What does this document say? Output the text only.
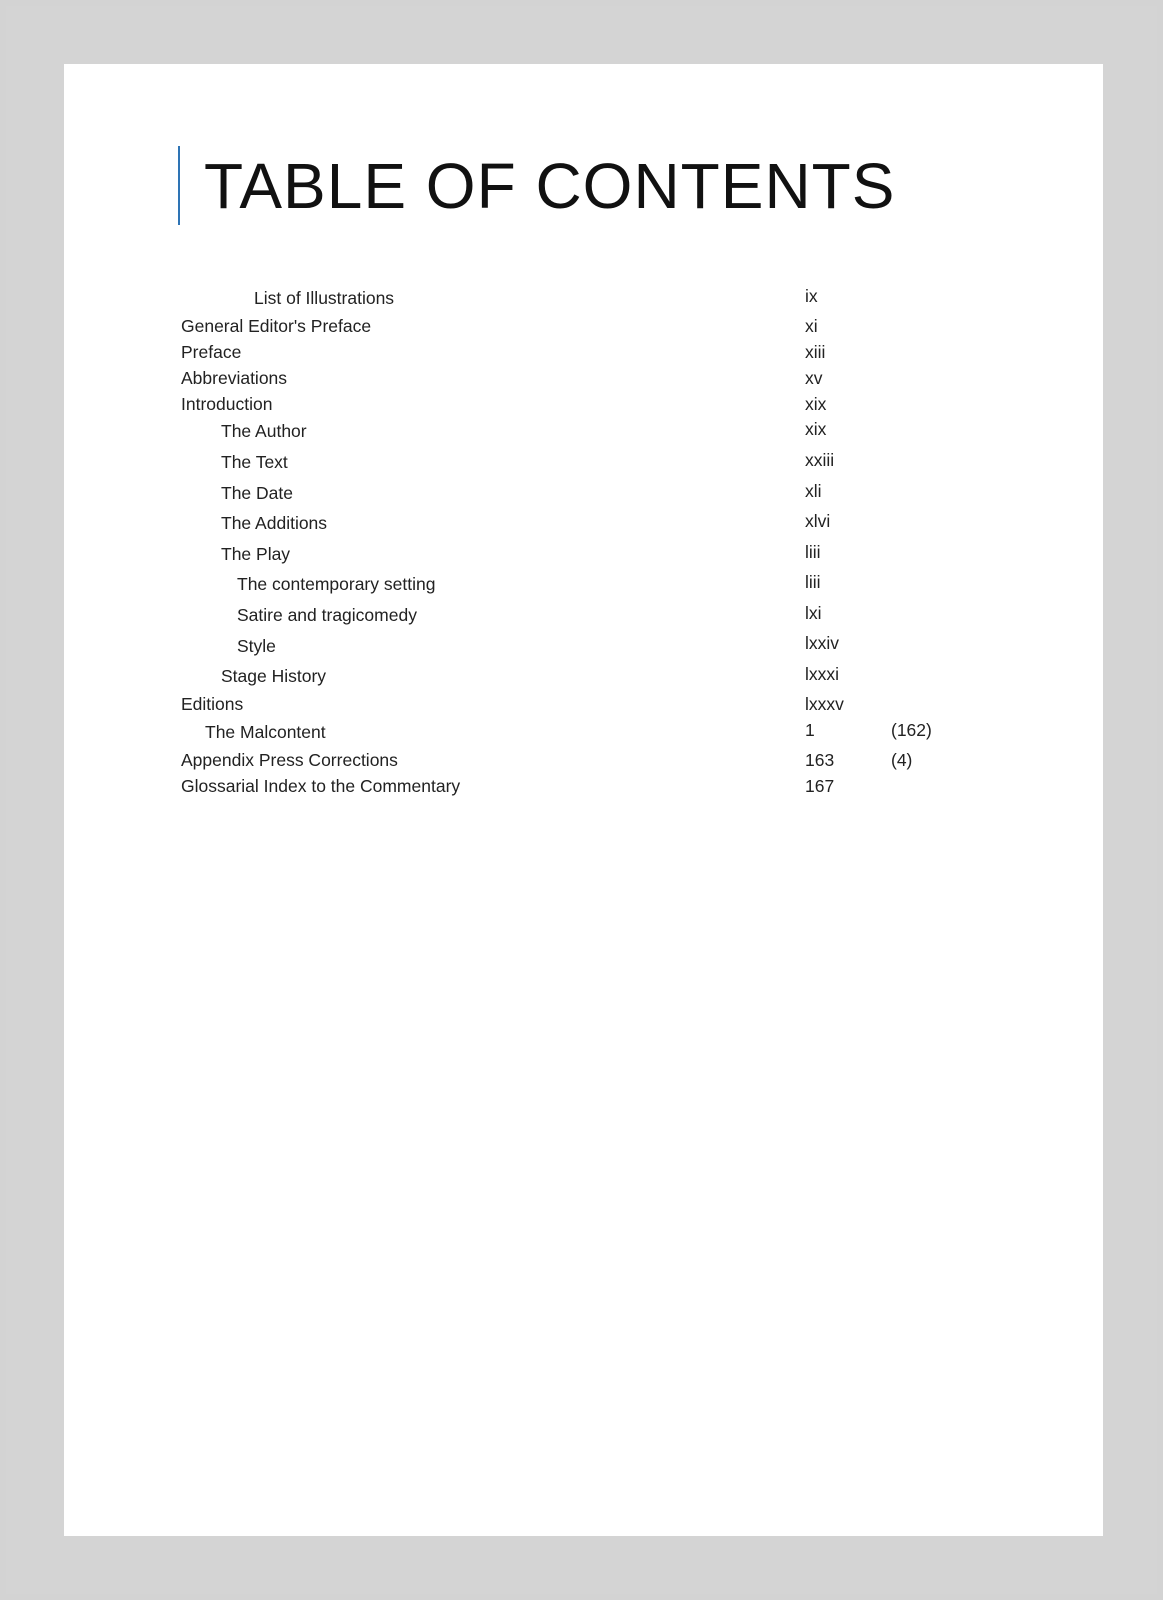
TABLE OF CONTENTS
List of Illustrations	ix
General Editor's Preface	xi
Preface	xiii
Abbreviations	xv
Introduction	xix
The Author	xix
The Text	xxiii
The Date	xli
The Additions	xlvi
The Play	liii
The contemporary setting	liii
Satire and tragicomedy	lxi
Style	lxxiv
Stage History	lxxxi
Editions	lxxxv
The Malcontent	1	(162)
Appendix Press Corrections	163	(4)
Glossarial Index to the Commentary	167
